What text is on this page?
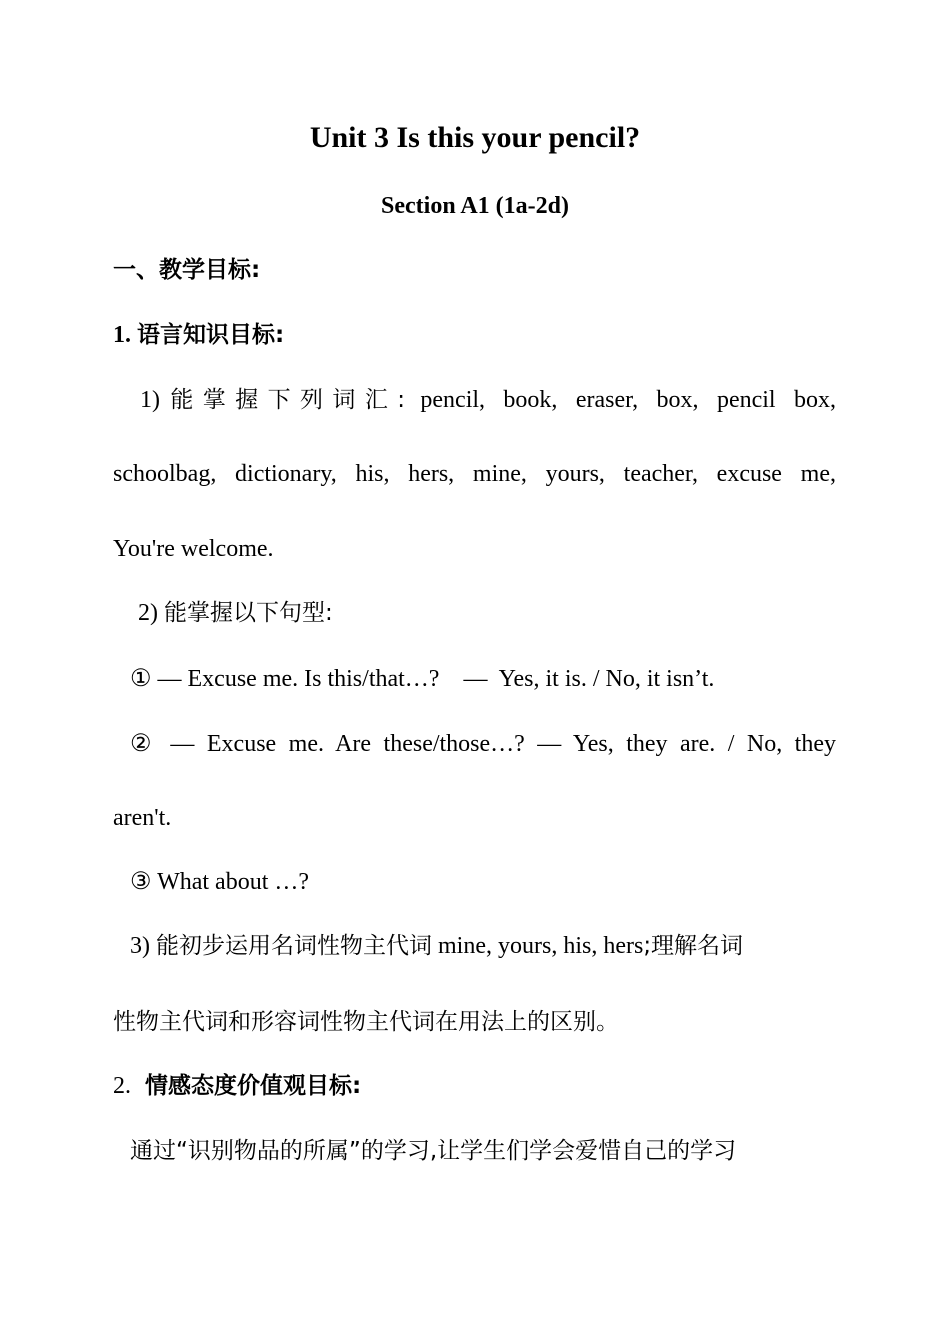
Unit 3 Is this your pencil?
Section A1 (1a-2d)
一、教学目标:
1. 语言知识目标:
1) 能掌握下列词汇: pencil, book, eraser, box, pencil box,
schoolbag, dictionary, his, hers, mine, yours, teacher, excuse me,
You're welcome.
2) 能掌握以下句型:
① — Excuse me. Is this/that…?    —  Yes, it is. / No, it isn’t.
② — Excuse me. Are these/those…? — Yes, they are. / No, they
aren't.
③ What about …?
3) 能初步运用名词性物主代词 mine, yours, his, hers;理解名词
性物主代词和形容词性物主代词在用法上的区别。
2. 情感态度价值观目标:
通过“识别物品的所属”的学习,让学生们学会爱惜自己的学习
